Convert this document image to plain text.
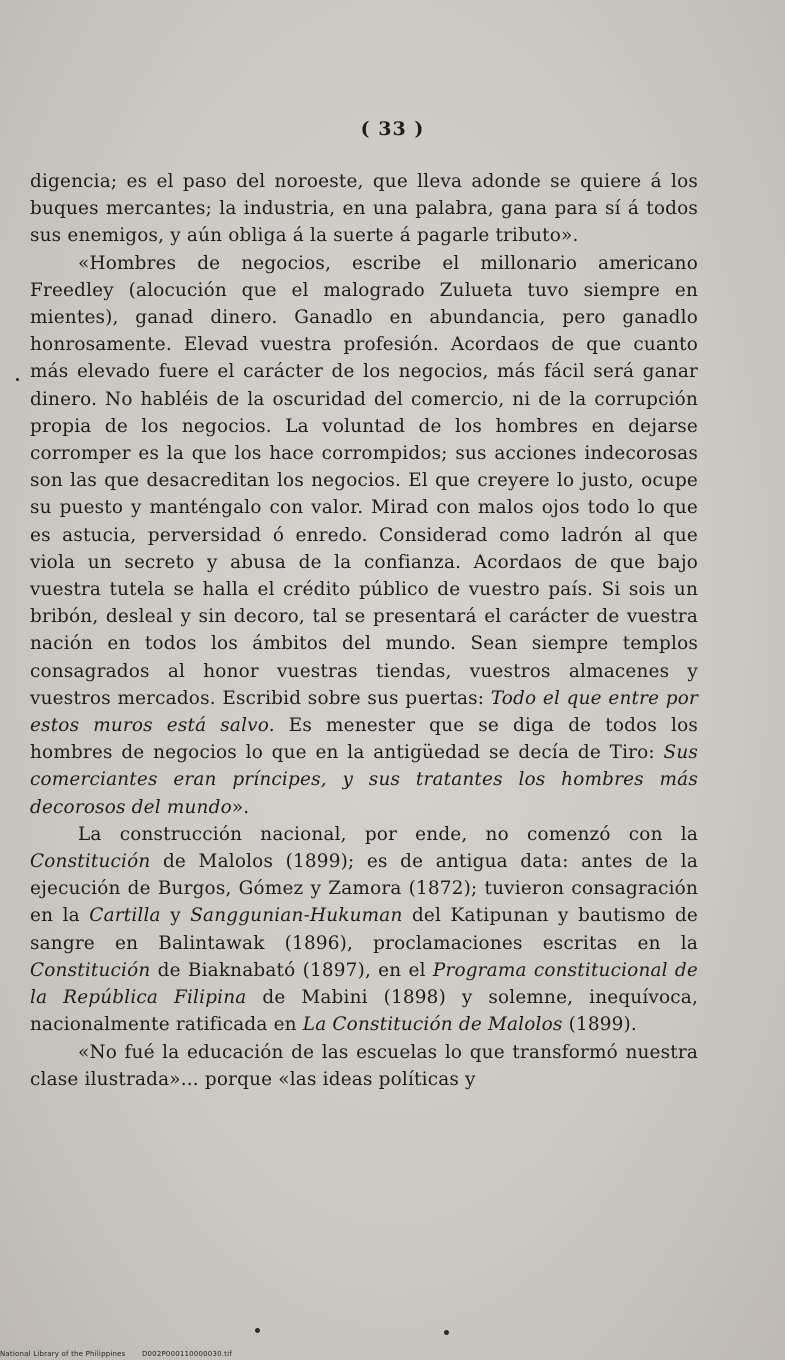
( 33 )

digencia; es el paso del noroeste, que lleva adonde se quiere á los buques mercantes; la industria, en una palabra, gana para sí á todos sus enemigos, y aún obliga á la suerte á pagarle tributo».

«Hombres de negocios, escribe el millonario americano Freedley (alocución que el malogrado Zulueta tuvo siempre en mientes), ganad dinero. Ganadlo en abundancia, pero ganadlo honrosamente. Elevad vuestra profesión. Acordaos de que cuanto más elevado fuere el carácter de los negocios, más fácil será ganar dinero. No habléis de la oscuridad del comercio, ni de la corrupción propia de los negocios. La voluntad de los hombres en dejarse corromper es la que los hace corrompidos; sus acciones indecorosas son las que desacreditan los negocios. El que creyere lo justo, ocupe su puesto y manténgalo con valor. Mirad con malos ojos todo lo que es astucia, perversidad ó enredo. Considerad como ladrón al que viola un secreto y abusa de la confianza. Acordaos de que bajo vuestra tutela se halla el crédito público de vuestro país. Si sois un bribón, desleal y sin decoro, tal se presentará el carácter de vuestra nación en todos los ámbitos del mundo. Sean siempre templos consagrados al honor vuestras tiendas, vuestros almacenes y vuestros mercados. Escribid sobre sus puertas: Todo el que entre por estos muros está salvo. Es menester que se diga de todos los hombres de negocios lo que en la antigüedad se decía de Tiro: Sus comerciantes eran príncipes, y sus tratantes los hombres más decorosos del mundo».

La construcción nacional, por ende, no comenzó con la Constitución de Malolos (1899); es de antigua data: antes de la ejecución de Burgos, Gómez y Zamora (1872); tuvieron consagración en la Cartilla y Sanggunian-Hukuman del Katipunan y bautismo de sangre en Balintawak (1896), proclamaciones escritas en la Constitución de Biaknabató (1897), en el Programa constitucional de la República Filipina de Mabini (1898) y solemne, inequívoca, nacionalmente ratificada en La Constitución de Malolos (1899).

«No fué la educación de las escuelas lo que transformó nuestra clase ilustrada»... porque «las ideas políticas y

National Library of the Philippines D002P000110000030.tif
